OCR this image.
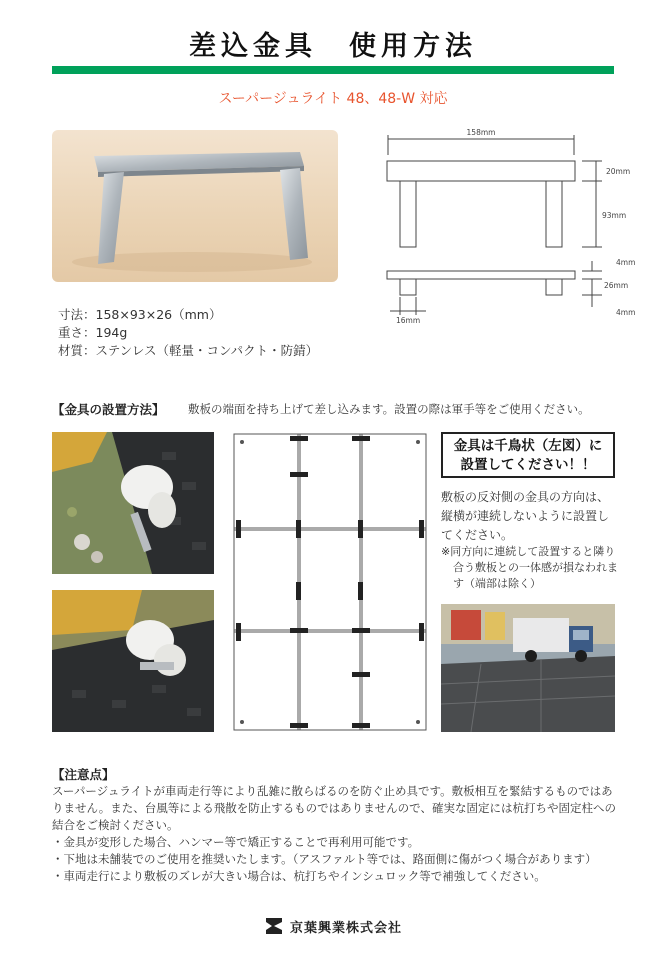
差込金具　使用方法
スーパージュライト 48、48-W 対応
寸法：158×93×26（mm）
重さ：194g
材質：ステンレス（軽量・コンパクト・防錆）
158mm
20mm
93mm
4mm
26mm
4mm
16mm
【金具の設置方法】 敷板の端面を持ち上げて差し込みます。設置の際は軍手等をご使用ください。
金具は千鳥状（左図）に
設置してください！！
敷板の反対側の金具の方向は、縦横が連続しないように設置してください。
※同方向に連続して設置すると隣り合う敷板との一体感が損なわれます（端部は除く）
【注意点】

スーパージュライトが車両走行等により乱雑に散らばるのを防ぐ止め具です。敷板相互を緊結するものではありません。また、台風等による飛散を防止するものではありませんので、確実な固定には杭打ちや固定柱への結合をご検討ください。

・金具が変形した場合、ハンマー等で矯正することで再利用可能です。

・下地は未舗装でのご使用を推奨いたします。（アスファルト等では、路面側に傷がつく場合があります）

・車両走行により敷板のズレが大きい場合は、杭打ちやインシュロック等で補強してください。

京葉興業株式会社
